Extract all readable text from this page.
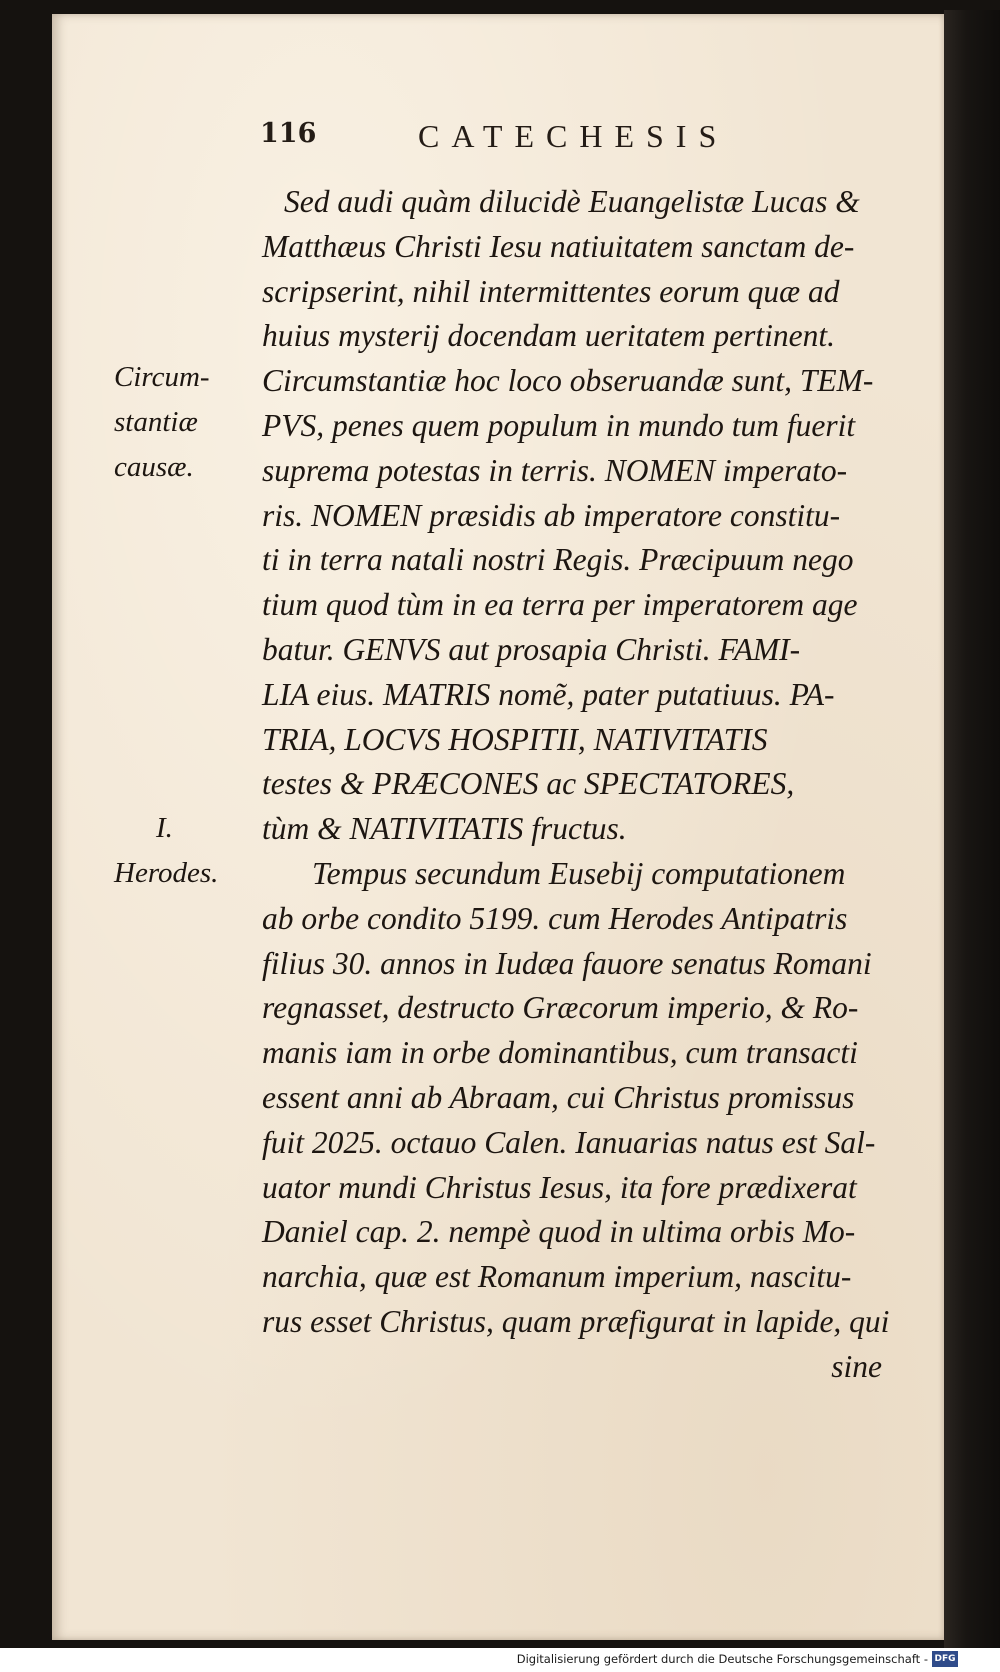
116	CATECHESIS
Circum-
stantiæ
causæ.
I.
Herodes.
Sed audi quàm dilucidè Euangelistæ Lucas &
Matthæus Christi Iesu natiuitatem sanctam de-
scripserint, nihil intermittentes eorum quæ ad
huius mysterij docendam ueritatem pertinent.
Circumstantiæ hoc loco obseruandæ sunt, TEM-
PVS, penes quem populum in mundo tum fuerit
suprema potestas in terris. NOMEN imperato-
ris. NOMEN præsidis ab imperatore constitu-
ti in terra natali nostri Regis. Præcipuum nego
tium quod tùm in ea terra per imperatorem age
batur. GENVS aut prosapia Christi. FAMI-
LIA eius. MATRIS nomẽ, pater putatiuus. PA-
TRIA, LOCVS HOSPITII, NATIVITATIS
testes & PRÆCONES ac SPECTATORES,
tùm & NATIVITATIS fructus.
Tempus secundum Eusebij computationem
ab orbe condito 5199. cum Herodes Antipatris
filius 30. annos in Iudæa fauore senatus Romani
regnasset, destructo Græcorum imperio, & Ro-
manis iam in orbe dominantibus, cum transacti
essent anni ab Abraam, cui Christus promissus
fuit 2025. octauo Calen. Ianuarias natus est Sal-
uator mundi Christus Iesus, ita fore prædixerat
Daniel cap. 2. nempè quod in ultima orbis Mo-
narchia, quæ est Romanum imperium, nascitu-
rus esset Christus, quam præfigurat in lapide, qui
sine
Digitalisierung gefördert durch die Deutsche Forschungsgemeinschaft - DFG
